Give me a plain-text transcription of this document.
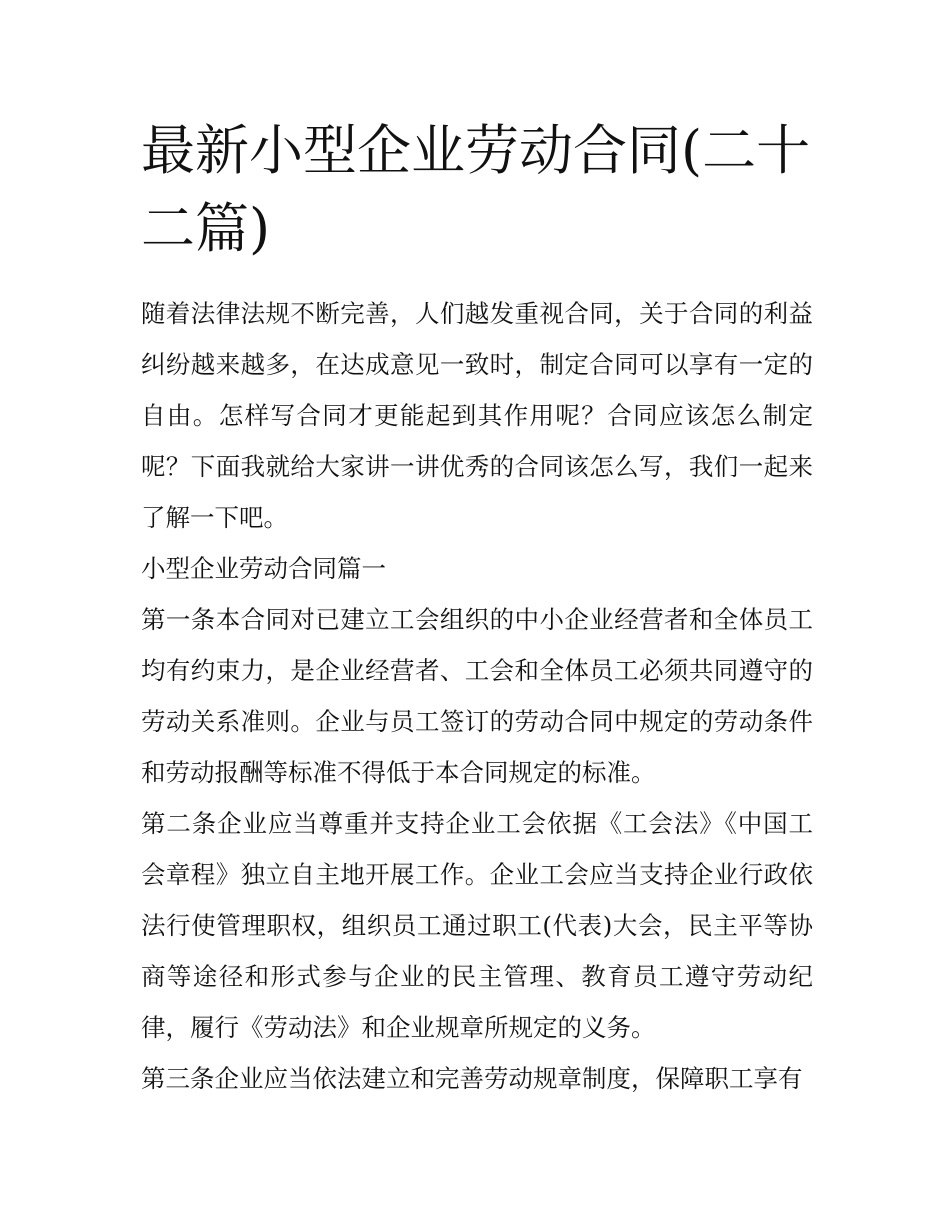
最新小型企业劳动合同(二十二篇)

随着法律法规不断完善，人们越发重视合同，关于合同的利益纠纷越来越多，在达成意见一致时，制定合同可以享有一定的自由。怎样写合同才更能起到其作用呢？合同应该怎么制定呢？下面我就给大家讲一讲优秀的合同该怎么写，我们一起来了解一下吧。

小型企业劳动合同篇一

第一条本合同对已建立工会组织的中小企业经营者和全体员工均有约束力，是企业经营者、工会和全体员工必须共同遵守的劳动关系准则。企业与员工签订的劳动合同中规定的劳动条件和劳动报酬等标准不得低于本合同规定的标准。

第二条企业应当尊重并支持企业工会依据《工会法》《中国工会章程》独立自主地开展工作。企业工会应当支持企业行政依法行使管理职权，组织员工通过职工(代表)大会，民主平等协商等途径和形式参与企业的民主管理、教育员工遵守劳动纪律，履行《劳动法》和企业规章所规定的义务。

第三条企业应当依法建立和完善劳动规章制度，保障职工享有
